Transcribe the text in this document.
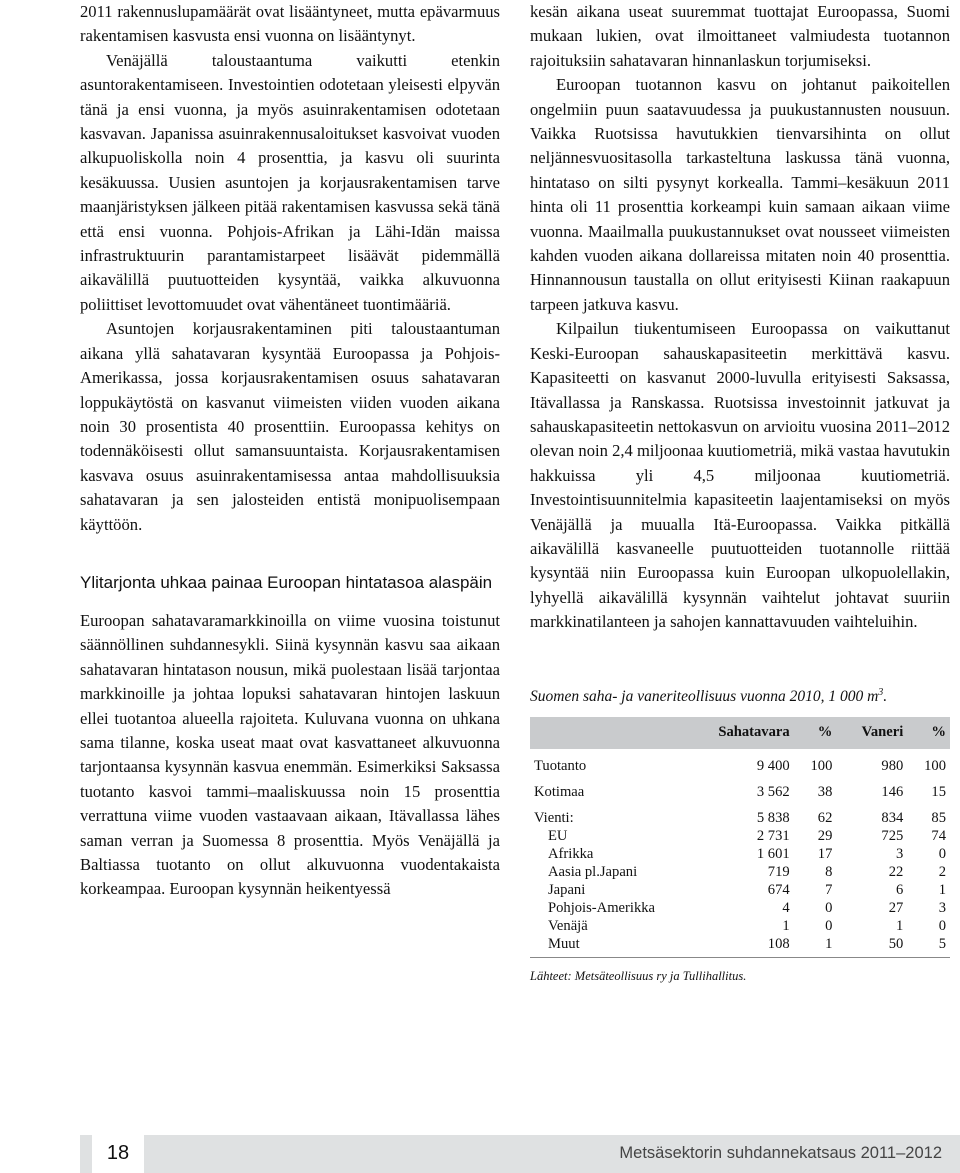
2011 rakennuslupamäärät ovat lisääntyneet, mutta epävarmuus rakentamisen kasvusta ensi vuonna on lisääntynyt.

Venäjällä taloustaantuma vaikutti etenkin asuntorakentamiseen. Investointien odotetaan yleisesti elpyvän tänä ja ensi vuonna, ja myös asuinrakentamisen odotetaan kasvavan. Japanissa asuinrakennusaloitukset kasvoivat vuoden alkupuoliskolla noin 4 prosenttia, ja kasvu oli suurinta kesäkuussa. Uusien asuntojen ja korjausrakentamisen tarve maanjäristyksen jälkeen pitää rakentamisen kasvussa sekä tänä että ensi vuonna. Pohjois-Afrikan ja Lähi-Idän maissa infrastruktuurin parantamistarpeet lisäävät pidemmällä aikavälillä puutuotteiden kysyntää, vaikka alkuvuonna poliittiset levottomuudet ovat vähentäneet tuontimääriä.

Asuntojen korjausrakentaminen piti taloustaantuman aikana yllä sahatavaran kysyntää Euroopassa ja Pohjois-Amerikassa, jossa korjausrakentamisen osuus sahatavaran loppukäytöstä on kasvanut viimeisten viiden vuoden aikana noin 30 prosentista 40 prosenttiin. Euroopassa kehitys on todennäköisesti ollut samansuuntaista. Korjausrakentamisen kasvava osuus asuinrakentamisessa antaa mahdollisuuksia sahatavaran ja sen jalosteiden entistä monipuolisempaan käyttöön.

Ylitarjonta uhkaa painaa Euroopan hintatasoa alaspäin

Euroopan sahatavaramarkkinoilla on viime vuosina toistunut säännöllinen suhdannesykli. Siinä kysynnän kasvu saa aikaan sahatavaran hintatason nousun, mikä puolestaan lisää tarjontaa markkinoille ja johtaa lopuksi sahatavaran hintojen laskuun ellei tuotantoa alueella rajoiteta. Kuluvana vuonna on uhkana sama tilanne, koska useat maat ovat kasvattaneet alkuvuonna tarjontaansa kysynnän kasvua enemmän. Esimerkiksi Saksassa tuotanto kasvoi tammi–maaliskuussa noin 15 prosenttia verrattuna viime vuoden vastaavaan aikaan, Itävallassa lähes saman verran ja Suomessa 8 prosenttia. Myös Venäjällä ja Baltiassa tuotanto on ollut alkuvuonna vuodentakaista korkeampaa. Euroopan kysynnän heikentyessä

kesän aikana useat suuremmat tuottajat Euroopassa, Suomi mukaan lukien, ovat ilmoittaneet valmiudesta tuotannon rajoituksiin sahatavaran hinnanlaskun torjumiseksi.

Euroopan tuotannon kasvu on johtanut paikoitellen ongelmiin puun saatavuudessa ja puukustannusten nousuun. Vaikka Ruotsissa havutukkien tienvarsihinta on ollut neljännesvuositasolla tarkasteltuna laskussa tänä vuonna, hintataso on silti pysynyt korkealla. Tammi–kesäkuun 2011 hinta oli 11 prosenttia korkeampi kuin samaan aikaan viime vuonna. Maailmalla puukustannukset ovat nousseet viimeisten kahden vuoden aikana dollareissa mitaten noin 40 prosenttia. Hinnannousun taustalla on ollut erityisesti Kiinan raakapuun tarpeen jatkuva kasvu.

Kilpailun tiukentumiseen Euroopassa on vaikuttanut Keski-Euroopan sahauskapasiteetin merkittävä kasvu. Kapasiteetti on kasvanut 2000-luvulla erityisesti Saksassa, Itävallassa ja Ranskassa. Ruotsissa investoinnit jatkuvat ja sahauskapasiteetin nettokasvun on arvioitu vuosina 2011–2012 olevan noin 2,4 miljoonaa kuutiometriä, mikä vastaa havutukin hakkuissa yli 4,5 miljoonaa kuutiometriä. Investointisuunnitelmia kapasiteetin laajentamiseksi on myös Venäjällä ja muualla Itä-Euroopassa. Vaikka pitkällä aikavälillä kasvaneelle puutuotteiden tuotannolle riittää kysyntää niin Euroopassa kuin Euroopan ulkopuolellakin, lyhyellä aikavälillä kysynnän vaihtelut johtavat suuriin markkinatilanteen ja sahojen kannattavuuden vaihteluihin.

Suomen saha- ja vaneriteollisuus vuonna 2010, 1 000 $m^3$.
	Sahatavara	%	Vaneri	%
Tuotanto	9 400	100	980	100
Kotimaa	3 562	38	146	15
Vienti:	5 838	62	834	85
EU	2 731	29	725	74
Afrikka	1 601	17	3	0
Aasia pl.Japani	719	8	22	2
Japani	674	7	6	1
Pohjois-Amerikka	4	0	27	3
Venäjä	1	0	1	0
Muut	108	1	50	5
Lähteet: Metsäteollisuus ry ja Tullihallitus.
18	Metsäsektorin suhdannekatsaus 2011–2012
